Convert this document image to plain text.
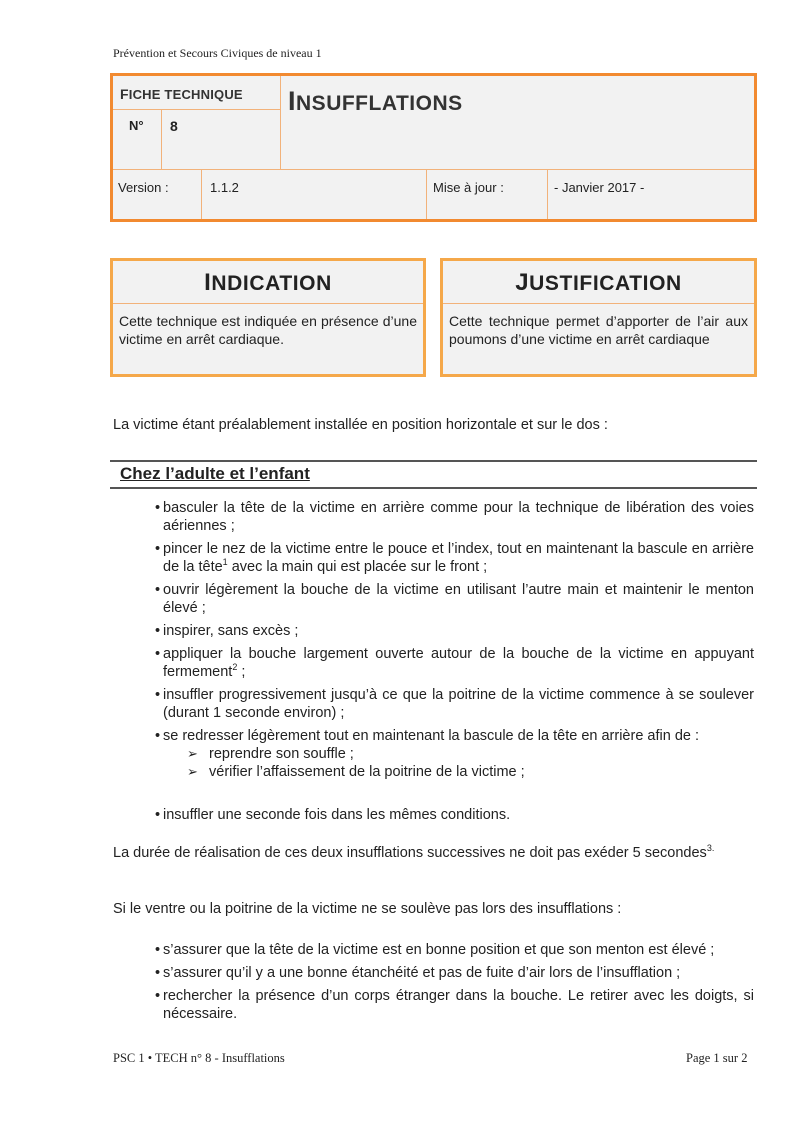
Prévention et Secours Civiques de niveau 1
FICHE TECHNIQUE
N° 8
INSUFFLATIONS
Version :	1.1.2	Mise à jour :	- Janvier 2017 -
INDICATION
Cette technique est indiquée en présence d’une victime en arrêt cardiaque.
JUSTIFICATION
Cette technique permet d’apporter de l’air aux poumons d’une victime en arrêt cardiaque
La victime étant préalablement installée en position horizontale et sur le dos :
Chez l’adulte et l’enfant
• basculer la tête de la victime en arrière comme pour la technique de libération des voies aériennes ;
• pincer le nez de la victime entre le pouce et l’index, tout en maintenant la bascule en arrière de la tête$^1$ avec la main qui est placée sur le front ;
• ouvrir légèrement la bouche de la victime en utilisant l’autre main et maintenir le menton élevé ;
• inspirer, sans excès ;
• appliquer la bouche largement ouverte autour de la bouche de la victime en appuyant fermement$^2$ ;
• insuffler progressivement jusqu’à ce que la poitrine de la victime commence à se soulever (durant 1 seconde environ) ;
• se redresser légèrement tout en maintenant la bascule de la tête en arrière afin de :
➢ reprendre son souffle ;
➢ vérifier l’affaissement de la poitrine de la victime ;
• insuffler une seconde fois dans les mêmes conditions.
La durée de réalisation de ces deux insufflations successives ne doit pas exéder 5 secondes$^{3.}$
Si le ventre ou la poitrine de la victime ne se soulève pas lors des insufflations :
• s’assurer que la tête de la victime est en bonne position et que son menton est élevé ;
• s’assurer qu’il y a une bonne étanchéité et pas de fuite d’air lors de l’insufflation ;
• rechercher la présence d’un corps étranger dans la bouche. Le retirer avec les doigts, si nécessaire.
PSC 1 • TECH n° 8 - Insufflations	Page 1 sur 2
